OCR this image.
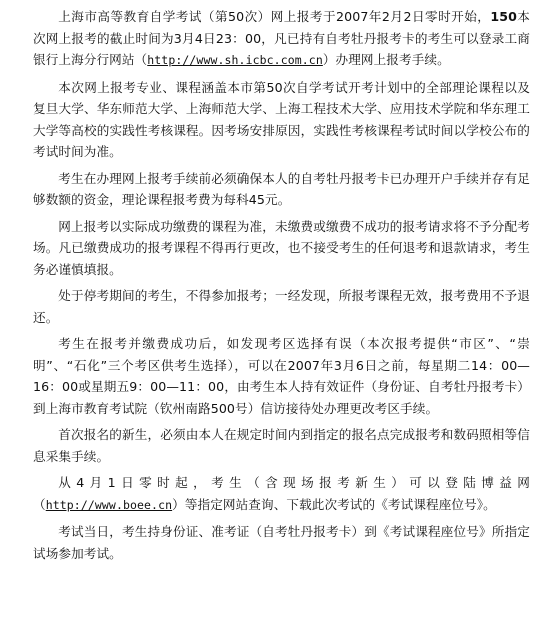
上海市高等教育自学考试（第50次）网上报考于2007年2月2日零时开始，150本次网上报考的截止时间为3月4日23：00，凡已持有自考牡丹报考卡的考生可以登录工商银行上海分行网站（http://www.sh.icbc.com.cn）办理网上报考手续。

本次网上报考专业、课程涵盖本市第50次自学考试开考计划中的全部理论课程以及复旦大学、华东师范大学、上海师范大学、上海工程技术大学、应用技术学院和华东理工大学等高校的实践性考核课程。因考场安排原因，实践性考核课程考试时间以学校公布的考试时间为准。

考生在办理网上报考手续前必须确保本人的自考牡丹报考卡已办理开户手续并存有足够数额的资金，理论课程报考费为每科45元。

网上报考以实际成功缴费的课程为准，未缴费或缴费不成功的报考请求将不予分配考场。凡已缴费成功的报考课程不得再行更改，也不接受考生的任何退考和退款请求，考生务必谨慎填报。

处于停考期间的考生，不得参加报考；一经发现，所报考课程无效，报考费用不予退还。

考生在报考并缴费成功后，如发现考区选择有误（本次报考提供“市区”、“崇明”、“石化”三个考区供考生选择），可以在2007年3月6日之前，每星期二14：00—16：00或星期五9：00—11：00，由考生本人持有效证件（身份证、自考牡丹报考卡）到上海市教育考试院（钦州南路500号）信访接待处办理更改考区手续。

首次报名的新生，必须由本人在规定时间内到指定的报名点完成报考和数码照相等信息采集手续。

从4月1日零时起，考生（含现场报考新生）可以登陆博益网（http://www.boee.cn）等指定网站查询、下载此次考试的《考试课程座位号》。

考试当日，考生持身份证、准考证（自考牡丹报考卡）到《考试课程座位号》所指定试场参加考试。
